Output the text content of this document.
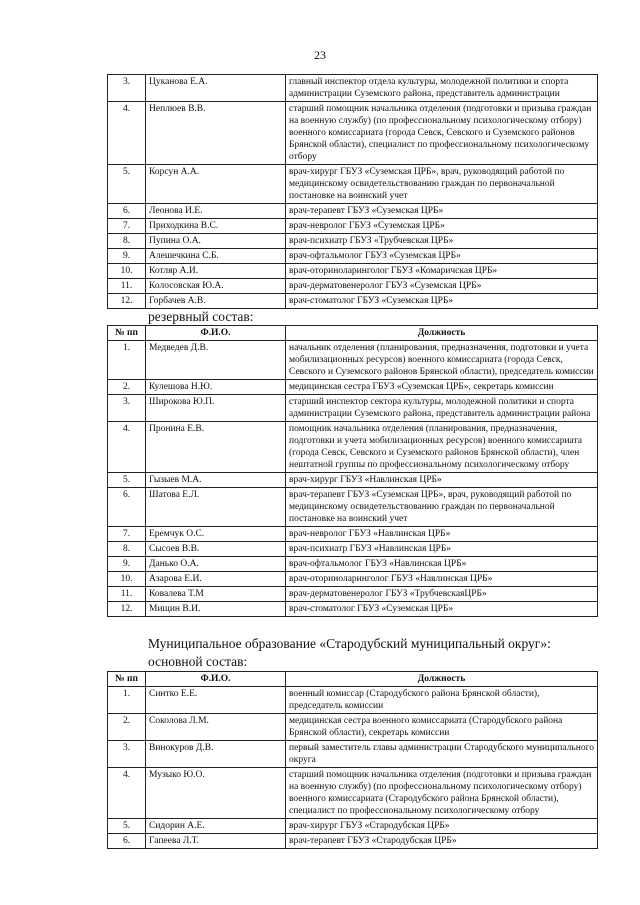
23
3.	Цуканова Е.А.	главный инспектор отдела культуры, молодежной политики и спорта администрации Суземского района, представитель администрации
4.	Неплюев В.В.	старший помощник начальника отделения (подготовки и призыва граждан на военную службу) (по профессиональному психологическому отбору) военного комиссариата (города Севск, Севского и Суземского районов Брянской области), специалист по профессиональному психологическому отбору
5.	Корсун А.А.	врач-хирург ГБУЗ «Суземская ЦРБ», врач, руководящий работой по медицинскому освидетельствованию граждан по первоначальной постановке на воинский учет
6.	Леонова И.Е.	врач-терапевт ГБУЗ «Суземская ЦРБ»
7.	Приходкина В.С.	врач-невролог ГБУЗ «Суземская ЦРБ»
8.	Пупина О.А.	врач-психиатр ГБУЗ «Трубчевская ЦРБ»
9.	Алешечкина С.Б.	врач-офтальмолог ГБУЗ «Суземская ЦРБ»
10.	Котляр А.И.	врач-оториноларинголог ГБУЗ «Комаричская ЦРБ»
11.	Колосовская Ю.А.	врач-дерматовенеролог ГБУЗ «Суземская ЦРБ»
12.	Горбачев А.В.	врач-стоматолог ГБУЗ «Суземская ЦРБ»
резервный состав:
№ пп	Ф.И.О.	Должность
1.	Медведев Д.В.	начальник отделения (планирования, предназначения, подготовки и учета мобилизационных ресурсов) военного комиссариата (города Севск, Севского и Суземского районов Брянской области), председатель комиссии
2.	Кулешова Н.Ю.	медицинская сестра ГБУЗ «Суземская ЦРБ», секретарь комиссии
3.	Широкова Ю.П.	старший инспектор сектора культуры, молодежной политики и спорта администрации Суземского района, представитель администрации района
4.	Пронина Е.В.	помощник начальника отделения (планирования, предназначения, подготовки и учета мобилизационных ресурсов) военного комиссариата (города Севск, Севского и Суземского районов Брянской области), член нештатной группы по профессиональному психологическому отбору
5.	Гызыев М.А.	врач-хирург ГБУЗ «Навлинская ЦРБ»
6.	Шатова Е.Л.	врач-терапевт ГБУЗ «Суземская ЦРБ», врач, руководящий работой по медицинскому освидетельствованию граждан по первоначальной постановке на воинский учет
7.	Еремчук О.С.	врач-невролог ГБУЗ «Навлинская ЦРБ»
8.	Сысоев В.В.	врач-психиатр ГБУЗ «Навлинская ЦРБ»
9.	Данько О.А.	врач-офтальмолог ГБУЗ «Навлинская ЦРБ»
10.	Азарова Е.И.	врач-оториноларинголог ГБУЗ «Навлинская ЦРБ»
11.	Ковалева Т.М	врач-дерматовенеролог ГБУЗ «ТрубчевскаяЦРБ»
12.	Мищин В.И.	врач-стоматолог ГБУЗ «Суземская ЦРБ»
Муниципальное образование «Стародубский муниципальный округ»:
основной состав:
№ пп	Ф.И.О.	Должность
1.	Синтко Е.Е.	военный комиссар (Стародубского района Брянской области), председатель комиссии
2.	Соколова Л.М.	медицинская сестра военного комиссариата (Стародубского района Брянской области), секретарь комиссии
3.	Винокуров Д.В.	первый заместитель главы администрации Стародубского муниципального округа
4.	Музыко Ю.О.	старший помощник начальника отделения (подготовки и призыва граждан на военную службу) (по профессиональному психологическому отбору) военного комиссариата (Стародубского района Брянской области), специалист по профессиональному психологическому отбору
5.	Сидорин А.Е.	врач-хирург ГБУЗ «Стародубская ЦРБ»
6.	Гапеева Л.Т.	врач-терапевт ГБУЗ «Стародубская ЦРБ»
